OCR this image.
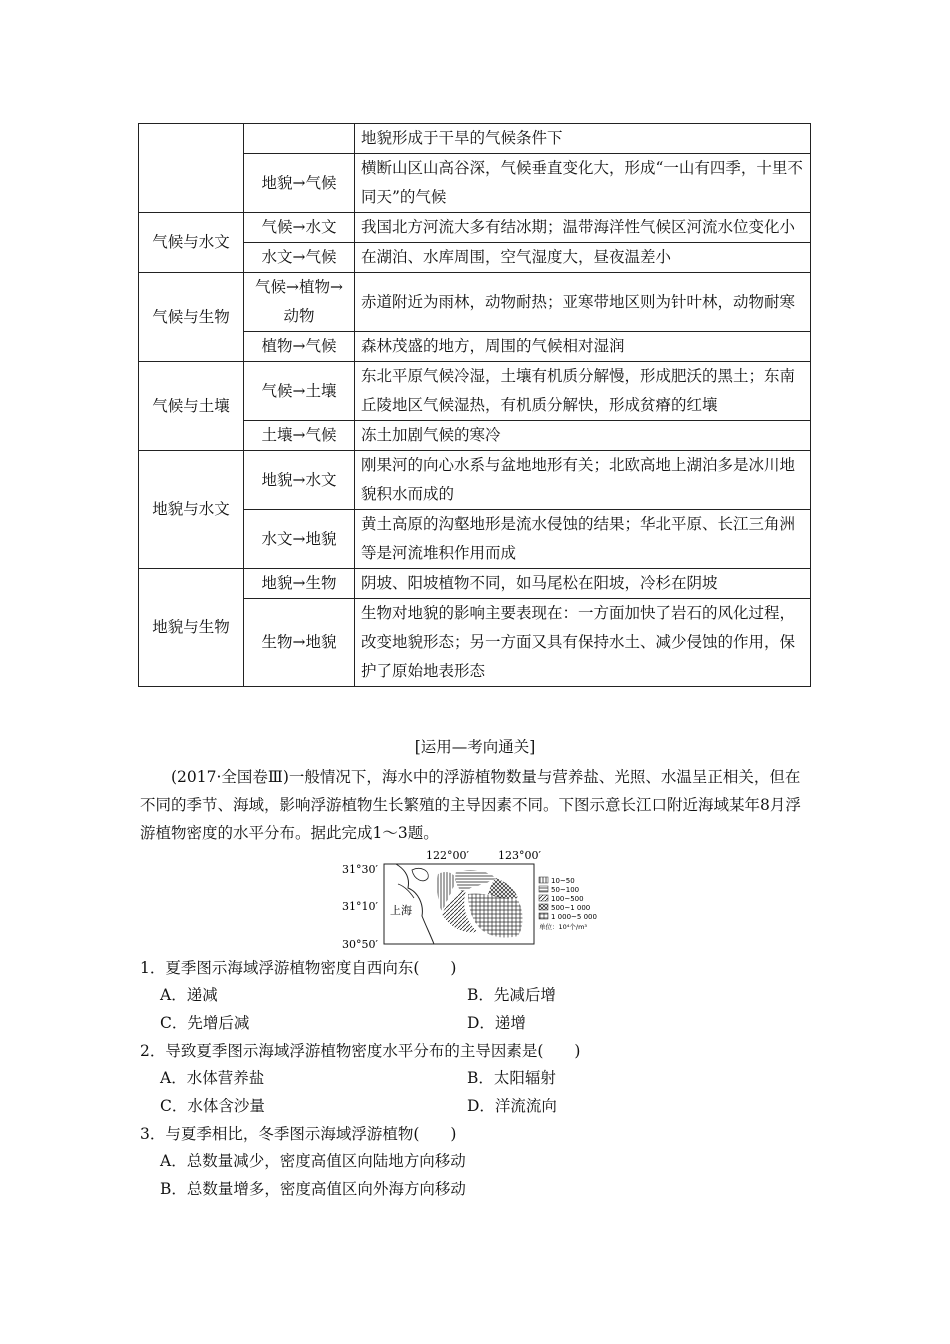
		地貌形成于干旱的气候条件下
	地貌→气候	横断山区山高谷深，气候垂直变化大，形成“一山有四季，十里不同天”的气候
气候与水文	气候→水文	我国北方河流大多有结冰期；温带海洋性气候区河流水位变化小
	水文→气候	在湖泊、水库周围，空气湿度大，昼夜温差小
气候与生物	气候→植物→动物	赤道附近为雨林，动物耐热；亚寒带地区则为针叶林，动物耐寒
	植物→气候	森林茂盛的地方，周围的气候相对湿润
气候与土壤	气候→土壤	东北平原气候冷湿，土壤有机质分解慢，形成肥沃的黑土；东南丘陵地区气候湿热，有机质分解快，形成贫瘠的红壤
	土壤→气候	冻土加剧气候的寒冷
地貌与水文	地貌→水文	刚果河的向心水系与盆地地形有关；北欧高地上湖泊多是冰川地貌积水而成的
	水文→地貌	黄土高原的沟壑地形是流水侵蚀的结果；华北平原、长江三角洲等是河流堆积作用而成
地貌与生物	地貌→生物	阴坡、阳坡植物不同，如马尾松在阳坡，冷杉在阴坡
	生物→地貌	生物对地貌的影响主要表现在：一方面加快了岩石的风化过程，改变地貌形态；另一方面又具有保持水土、减少侵蚀的作用，保护了原始地表形态
[运用—考向通关]
(2017·全国卷Ⅲ)一般情况下，海水中的浮游植物数量与营养盐、光照、水温呈正相关，但在不同的季节、海域，影响浮游植物生长繁殖的主导因素不同。下图示意长江口附近海域某年8月浮游植物密度的水平分布。据此完成1～3题。
122°00′	123°00′
31°30′
31°10′
30°50′
上海
10~50
50~100
100~500
500~1 000
1 000~5 000
单位：10⁴个/m³
1．夏季图示海域浮游植物密度自西向东(　　)
A．递减	B．先减后增
C．先增后减	D．递增
2．导致夏季图示海域浮游植物密度水平分布的主导因素是(　　)
A．水体营养盐	B．太阳辐射
C．水体含沙量	D．洋流流向
3．与夏季相比，冬季图示海域浮游植物(　　)
A．总数量减少，密度高值区向陆地方向移动
B．总数量增多，密度高值区向外海方向移动
